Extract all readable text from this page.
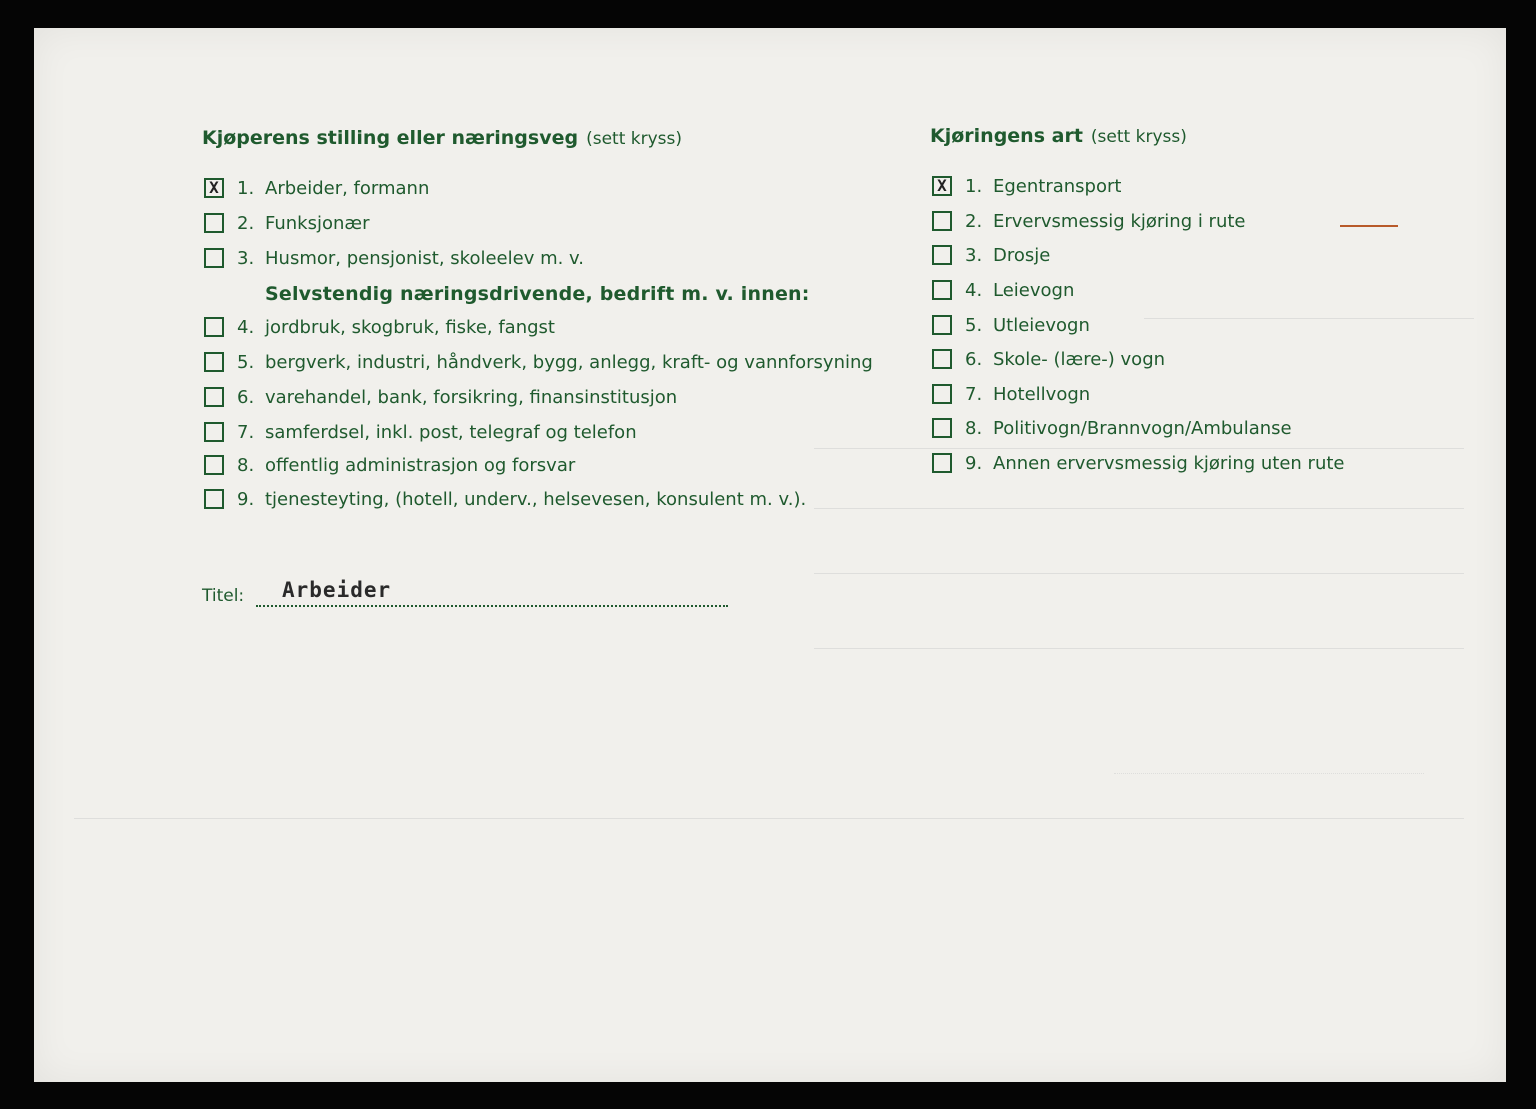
Kjøperens stilling eller næringsveg (sett kryss)
X 1. Arbeider, formann
2. Funksjonær
3. Husmor, pensjonist, skoleelev m. v.
Selvstendig næringsdrivende, bedrift m. v. innen:
4. jordbruk, skogbruk, fiske, fangst
5. bergverk, industri, håndverk, bygg, anlegg, kraft- og vannforsyning
6. varehandel, bank, forsikring, finansinstitusjon
7. samferdsel, inkl. post, telegraf og telefon
8. offentlig administrasjon og forsvar
9. tjenesteyting, (hotell, underv., helsevesen, konsulent m. v.).
Titel: Arbeider
Kjøringens art (sett kryss)
X 1. Egentransport
2. Ervervsmessig kjøring i rute
3. Drosje
4. Leievogn
5. Utleievogn
6. Skole- (lære-) vogn
7. Hotellvogn
8. Politivogn/Brannvogn/Ambulanse
9. Annen ervervsmessig kjøring uten rute
